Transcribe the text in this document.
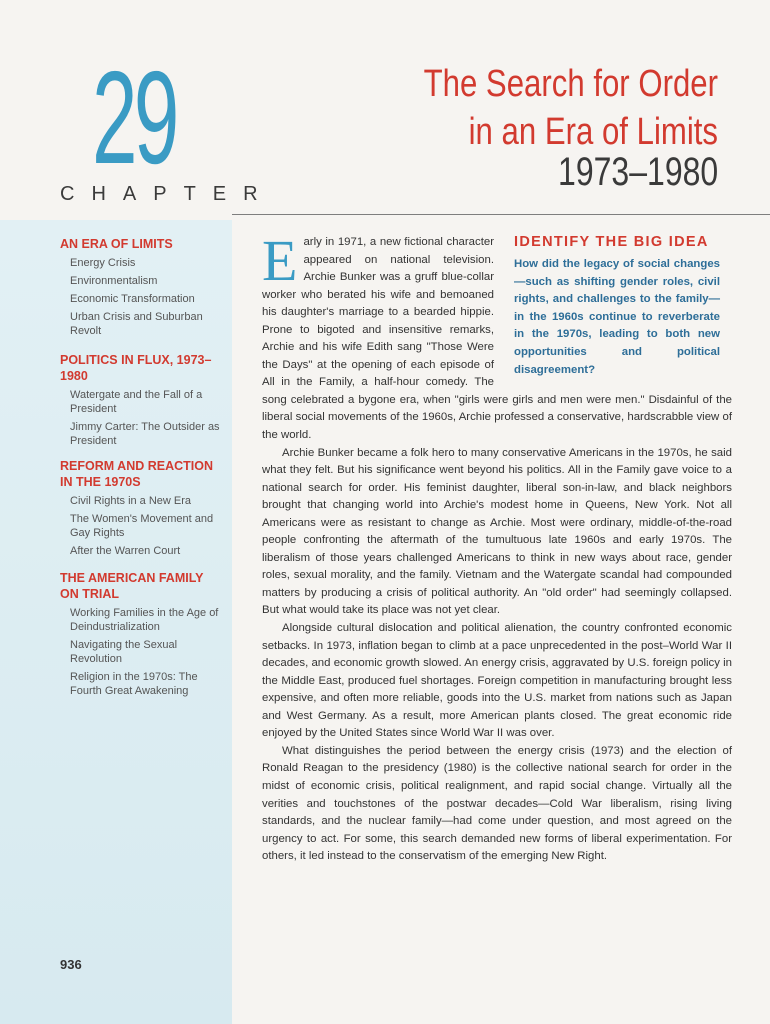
29
CHAPTER
The Search for Order
in an Era of Limits
1973–1980
AN ERA OF LIMITS
Energy Crisis
Environmentalism
Economic Transformation
Urban Crisis and Suburban Revolt
POLITICS IN FLUX, 1973–1980
Watergate and the Fall of a President
Jimmy Carter: The Outsider as President
REFORM AND REACTION IN THE 1970S
Civil Rights in a New Era
The Women's Movement and Gay Rights
After the Warren Court
THE AMERICAN FAMILY ON TRIAL
Working Families in the Age of Deindustrialization
Navigating the Sexual Revolution
Religion in the 1970s: The Fourth Great Awakening
936
IDENTIFY THE BIG IDEA
How did the legacy of social changes—such as shifting gender roles, civil rights, and challenges to the family—in the 1960s continue to reverberate in the 1970s, leading to both new opportunities and political disagreement?
E arly in 1971, a new fictional character appeared on national television. Archie Bunker was a gruff blue-collar worker who berated his wife and bemoaned his daughter's marriage to a bearded hippie. Prone to bigoted and insensitive remarks, Archie and his wife Edith sang "Those Were the Days" at the opening of each episode of All in the Family, a half-hour comedy. The song celebrated a bygone era, when "girls were girls and men were men." Disdainful of the liberal social movements of the 1960s, Archie professed a conservative, hardscrabble view of the world.

Archie Bunker became a folk hero to many conservative Americans in the 1970s, he said what they felt. But his significance went beyond his politics. All in the Family gave voice to a national search for order. His feminist daughter, liberal son-in-law, and black neighbors brought that changing world into Archie's modest home in Queens, New York. Not all Americans were as resistant to change as Archie. Most were ordinary, middle-of-the-road people confronting the aftermath of the tumultuous late 1960s and early 1970s. The liberalism of those years challenged Americans to think in new ways about race, gender roles, sexual morality, and the family. Vietnam and the Watergate scandal had compounded matters by producing a crisis of political authority. An "old order" had seemingly collapsed. But what would take its place was not yet clear.

Alongside cultural dislocation and political alienation, the country confronted economic setbacks. In 1973, inflation began to climb at a pace unprecedented in the post–World War II decades, and economic growth slowed. An energy crisis, aggravated by U.S. foreign policy in the Middle East, produced fuel shortages. Foreign competition in manufacturing brought less expensive, and often more reliable, goods into the U.S. market from nations such as Japan and West Germany. As a result, more American plants closed. The great economic ride enjoyed by the United States since World War II was over.

What distinguishes the period between the energy crisis (1973) and the election of Ronald Reagan to the presidency (1980) is the collective national search for order in the midst of economic crisis, political realignment, and rapid social change. Virtually all the verities and touchstones of the postwar decades—Cold War liberalism, rising living standards, and the nuclear family—had come under question, and most agreed on the urgency to act. For some, this search demanded new forms of liberal experimentation. For others, it led instead to the conservatism of the emerging New Right.
